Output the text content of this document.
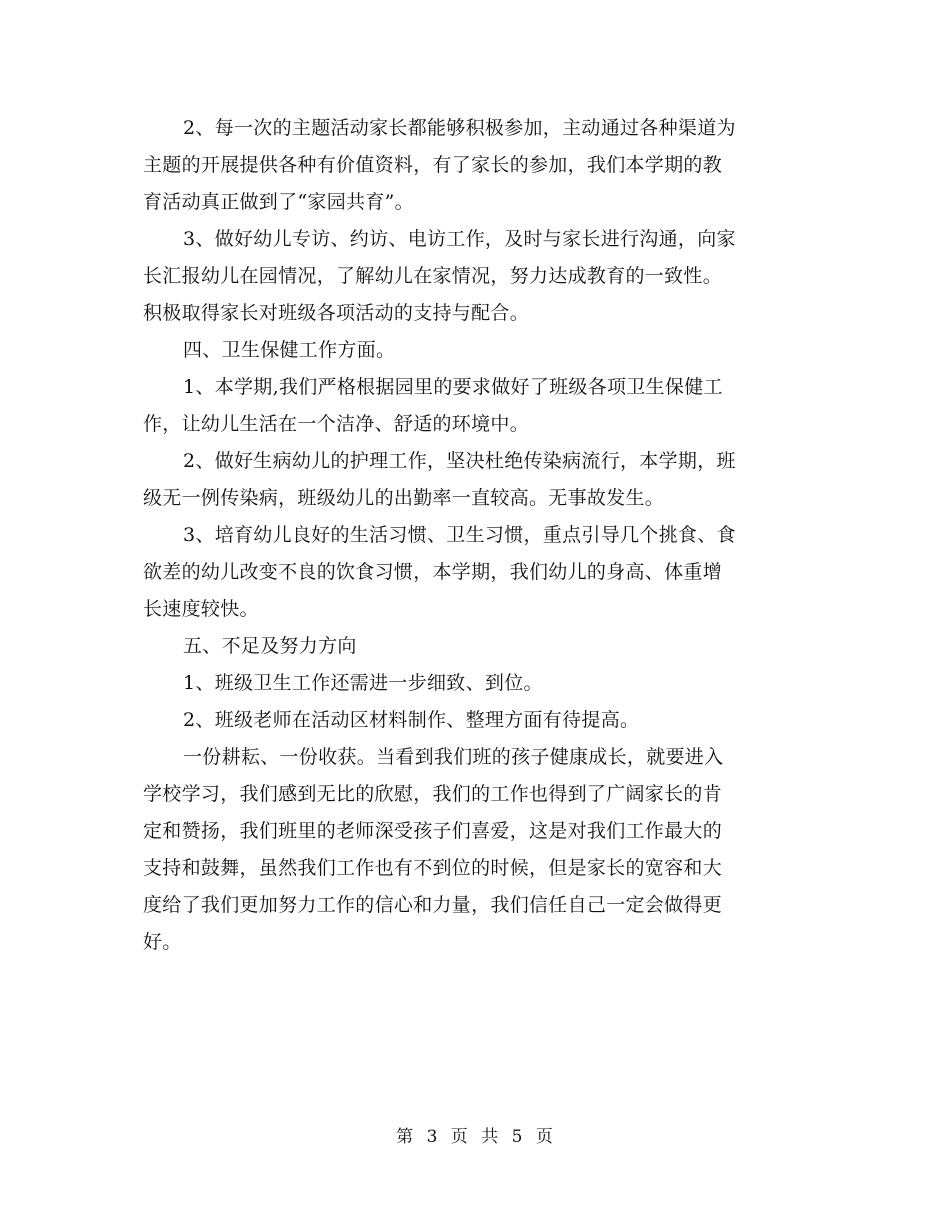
2、每一次的主题活动家长都能够积极参加，主动通过各种渠道为
主题的开展提供各种有价值资料，有了家长的参加，我们本学期的教
育活动真正做到了“家园共育”。
3、做好幼儿专访、约访、电访工作，及时与家长进行沟通，向家
长汇报幼儿在园情况，了解幼儿在家情况，努力达成教育的一致性。
积极取得家长对班级各项活动的支持与配合。
四、卫生保健工作方面。
1、本学期,我们严格根据园里的要求做好了班级各项卫生保健工
作，让幼儿生活在一个洁净、舒适的环境中。
2、做好生病幼儿的护理工作，坚决杜绝传染病流行，本学期，班
级无一例传染病，班级幼儿的出勤率一直较高。无事故发生。
3、培育幼儿良好的生活习惯、卫生习惯，重点引导几个挑食、食
欲差的幼儿改变不良的饮食习惯，本学期，我们幼儿的身高、体重增
长速度较快。
五、不足及努力方向
1、班级卫生工作还需进一步细致、到位。
2、班级老师在活动区材料制作、整理方面有待提高。
一份耕耘、一份收获。当看到我们班的孩子健康成长，就要进入
学校学习，我们感到无比的欣慰，我们的工作也得到了广阔家长的肯
定和赞扬，我们班里的老师深受孩子们喜爱，这是对我们工作最大的
支持和鼓舞，虽然我们工作也有不到位的时候，但是家长的宽容和大
度给了我们更加努力工作的信心和力量，我们信任自己一定会做得更
好。
第 3 页 共 5 页
